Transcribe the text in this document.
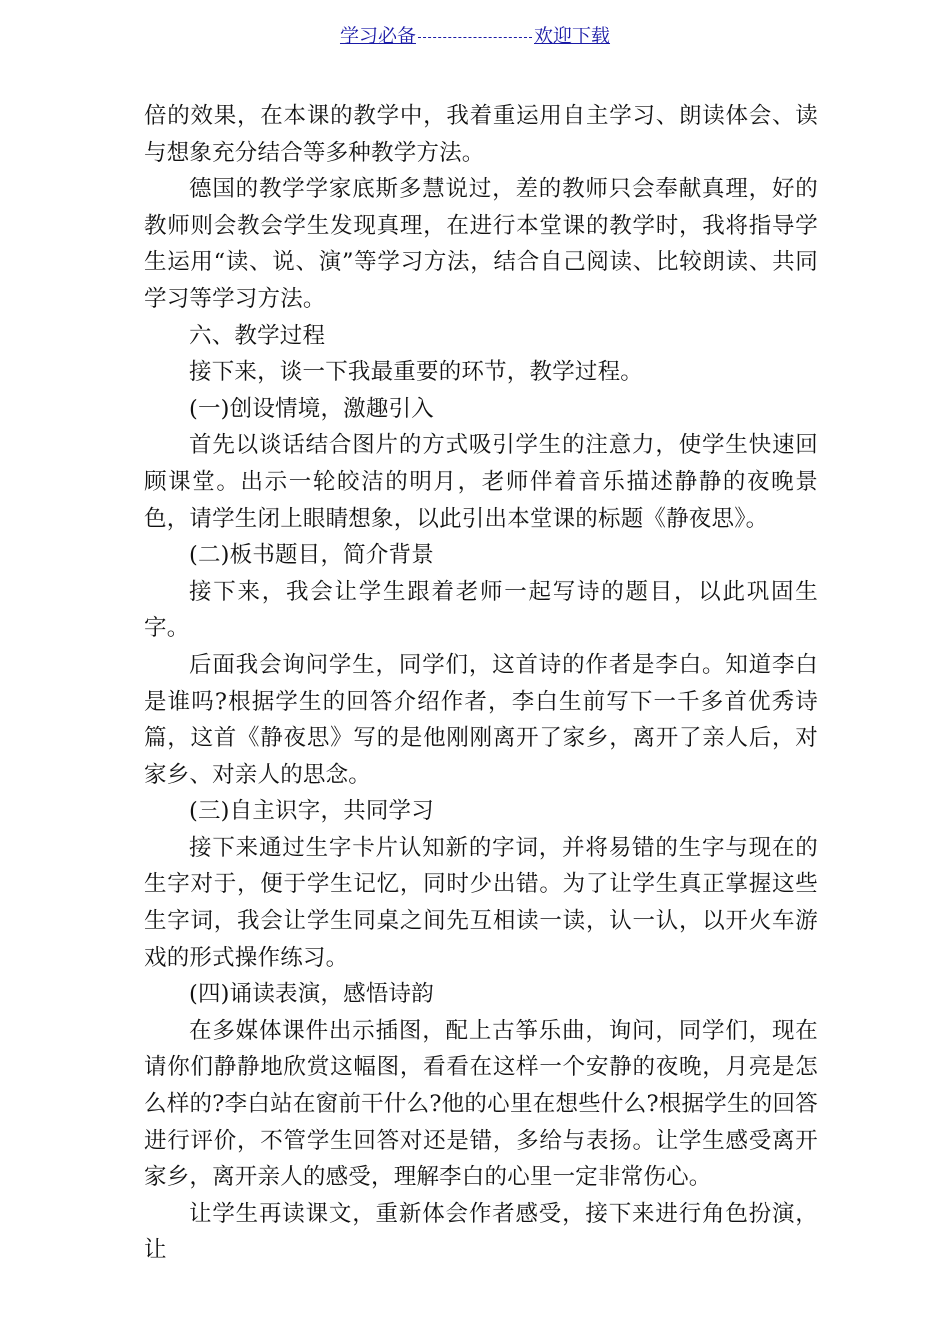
学习必备	欢迎下载

倍的效果，在本课的教学中，我着重运用自主学习、朗读体会、读与想象充分结合等多种教学方法。

德国的教学学家底斯多慧说过，差的教师只会奉献真理，好的教师则会教会学生发现真理，在进行本堂课的教学时，我将指导学生运用“读、说、演”等学习方法，结合自己阅读、比较朗读、共同学习等学习方法。

六、教学过程

接下来，谈一下我最重要的环节，教学过程。

(一)创设情境，激趣引入

首先以谈话结合图片的方式吸引学生的注意力，使学生快速回顾课堂。出示一轮皎洁的明月，老师伴着音乐描述静静的夜晚景色，请学生闭上眼睛想象，以此引出本堂课的标题《静夜思》。

(二)板书题目，简介背景

接下来，我会让学生跟着老师一起写诗的题目，以此巩固生字。

后面我会询问学生，同学们，这首诗的作者是李白。知道李白是谁吗?根据学生的回答介绍作者，李白生前写下一千多首优秀诗篇，这首《静夜思》写的是他刚刚离开了家乡，离开了亲人后，对家乡、对亲人的思念。

(三)自主识字，共同学习

接下来通过生字卡片认知新的字词，并将易错的生字与现在的生字对于，便于学生记忆，同时少出错。为了让学生真正掌握这些生字词，我会让学生同桌之间先互相读一读，认一认，以开火车游戏的形式操作练习。

(四)诵读表演，感悟诗韵

在多媒体课件出示插图，配上古筝乐曲，询问，同学们，现在请你们静静地欣赏这幅图，看看在这样一个安静的夜晚，月亮是怎么样的?李白站在窗前干什么?他的心里在想些什么?根据学生的回答进行评价，不管学生回答对还是错，多给与表扬。让学生感受离开家乡，离开亲人的感受，理解李白的心里一定非常伤心。

让学生再读课文，重新体会作者感受，接下来进行角色扮演，让
